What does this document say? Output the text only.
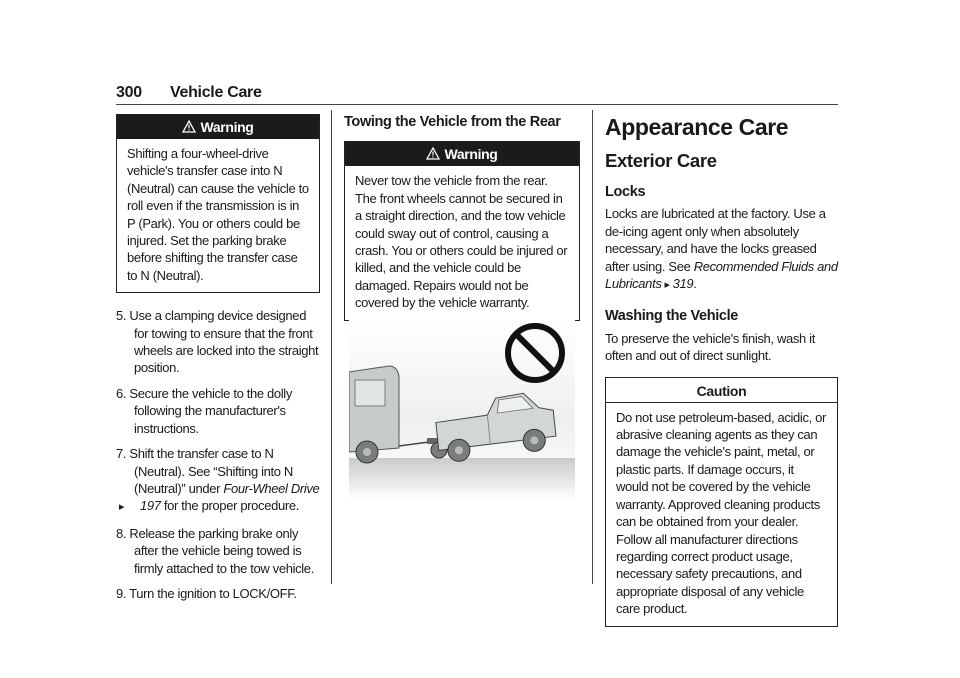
300 Vehicle Care
Warning
Shifting a four-wheel-drive vehicle's transfer case into N (Neutral) can cause the vehicle to roll even if the transmission is in P (Park). You or others could be injured. Set the parking brake before shifting the transfer case to N (Neutral).
5. Use a clamping device designed for towing to ensure that the front wheels are locked into the straight position.
6. Secure the vehicle to the dolly following the manufacturer's instructions.
7. Shift the transfer case to N (Neutral). See “Shifting into N (Neutral)” under Four-Wheel Drive▸ 197 for the proper procedure.
8. Release the parking brake only after the vehicle being towed is firmly attached to the tow vehicle.
9. Turn the ignition to LOCK/OFF.
Towing the Vehicle from the Rear
Warning
Never tow the vehicle from the rear. The front wheels cannot be secured in a straight direction, and the tow vehicle could sway out of control, causing a crash. You or others could be injured or killed, and the vehicle could be damaged. Repairs would not be covered by the vehicle warranty.
Appearance Care
Exterior Care
Locks

Locks are lubricated at the factory. Use a de-icing agent only when absolutely necessary, and have the locks greased after using. See Recommended Fluids and Lubricants ▸ 319.

Washing the Vehicle

To preserve the vehicle's finish, wash it often and out of direct sunlight.

Caution
Do not use petroleum-based, acidic, or abrasive cleaning agents as they can damage the vehicle's paint, metal, or plastic parts. If damage occurs, it would not be covered by the vehicle warranty. Approved cleaning products can be obtained from your dealer. Follow all manufacturer directions regarding correct product usage, necessary safety precautions, and appropriate disposal of any vehicle care product.
